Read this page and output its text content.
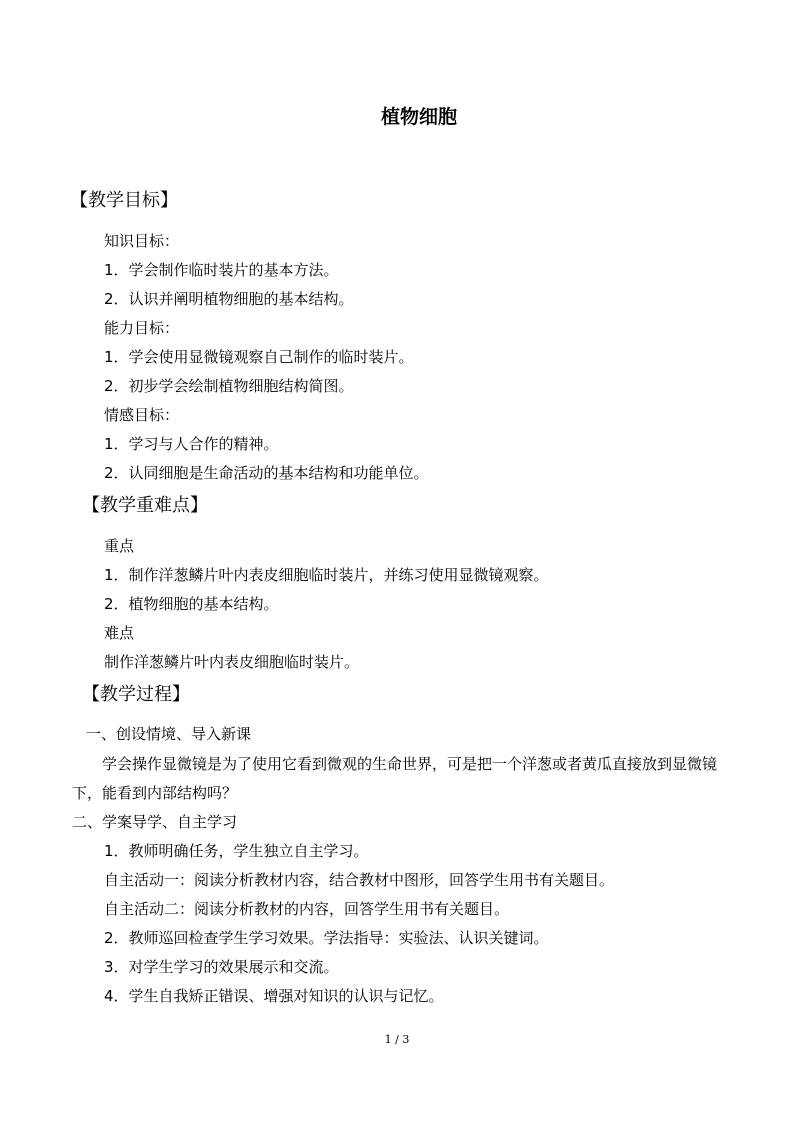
植物细胞
【教学目标】
知识目标：
1．学会制作临时装片的基本方法。
2．认识并阐明植物细胞的基本结构。
能力目标：
1．学会使用显微镜观察自己制作的临时装片。
2．初步学会绘制植物细胞结构简图。
情感目标：
1．学习与人合作的精神。
2．认同细胞是生命活动的基本结构和功能单位。
【教学重难点】
重点
1．制作洋葱鳞片叶内表皮细胞临时装片，并练习使用显微镜观察。
2．植物细胞的基本结构。
难点
制作洋葱鳞片叶内表皮细胞临时装片。
【教学过程】
一、创设情境、导入新课
学会操作显微镜是为了使用它看到微观的生命世界，可是把一个洋葱或者黄瓜直接放到显微镜下，能看到内部结构吗？
二、学案导学、自主学习
1．教师明确任务，学生独立自主学习。
自主活动一：阅读分析教材内容，结合教材中图形，回答学生用书有关题目。
自主活动二：阅读分析教材的内容，回答学生用书有关题目。
2．教师巡回检查学生学习效果。学法指导：实验法、认识关键词。
3．对学生学习的效果展示和交流。
4．学生自我矫正错误、增强对知识的认识与记忆。
1 / 3
